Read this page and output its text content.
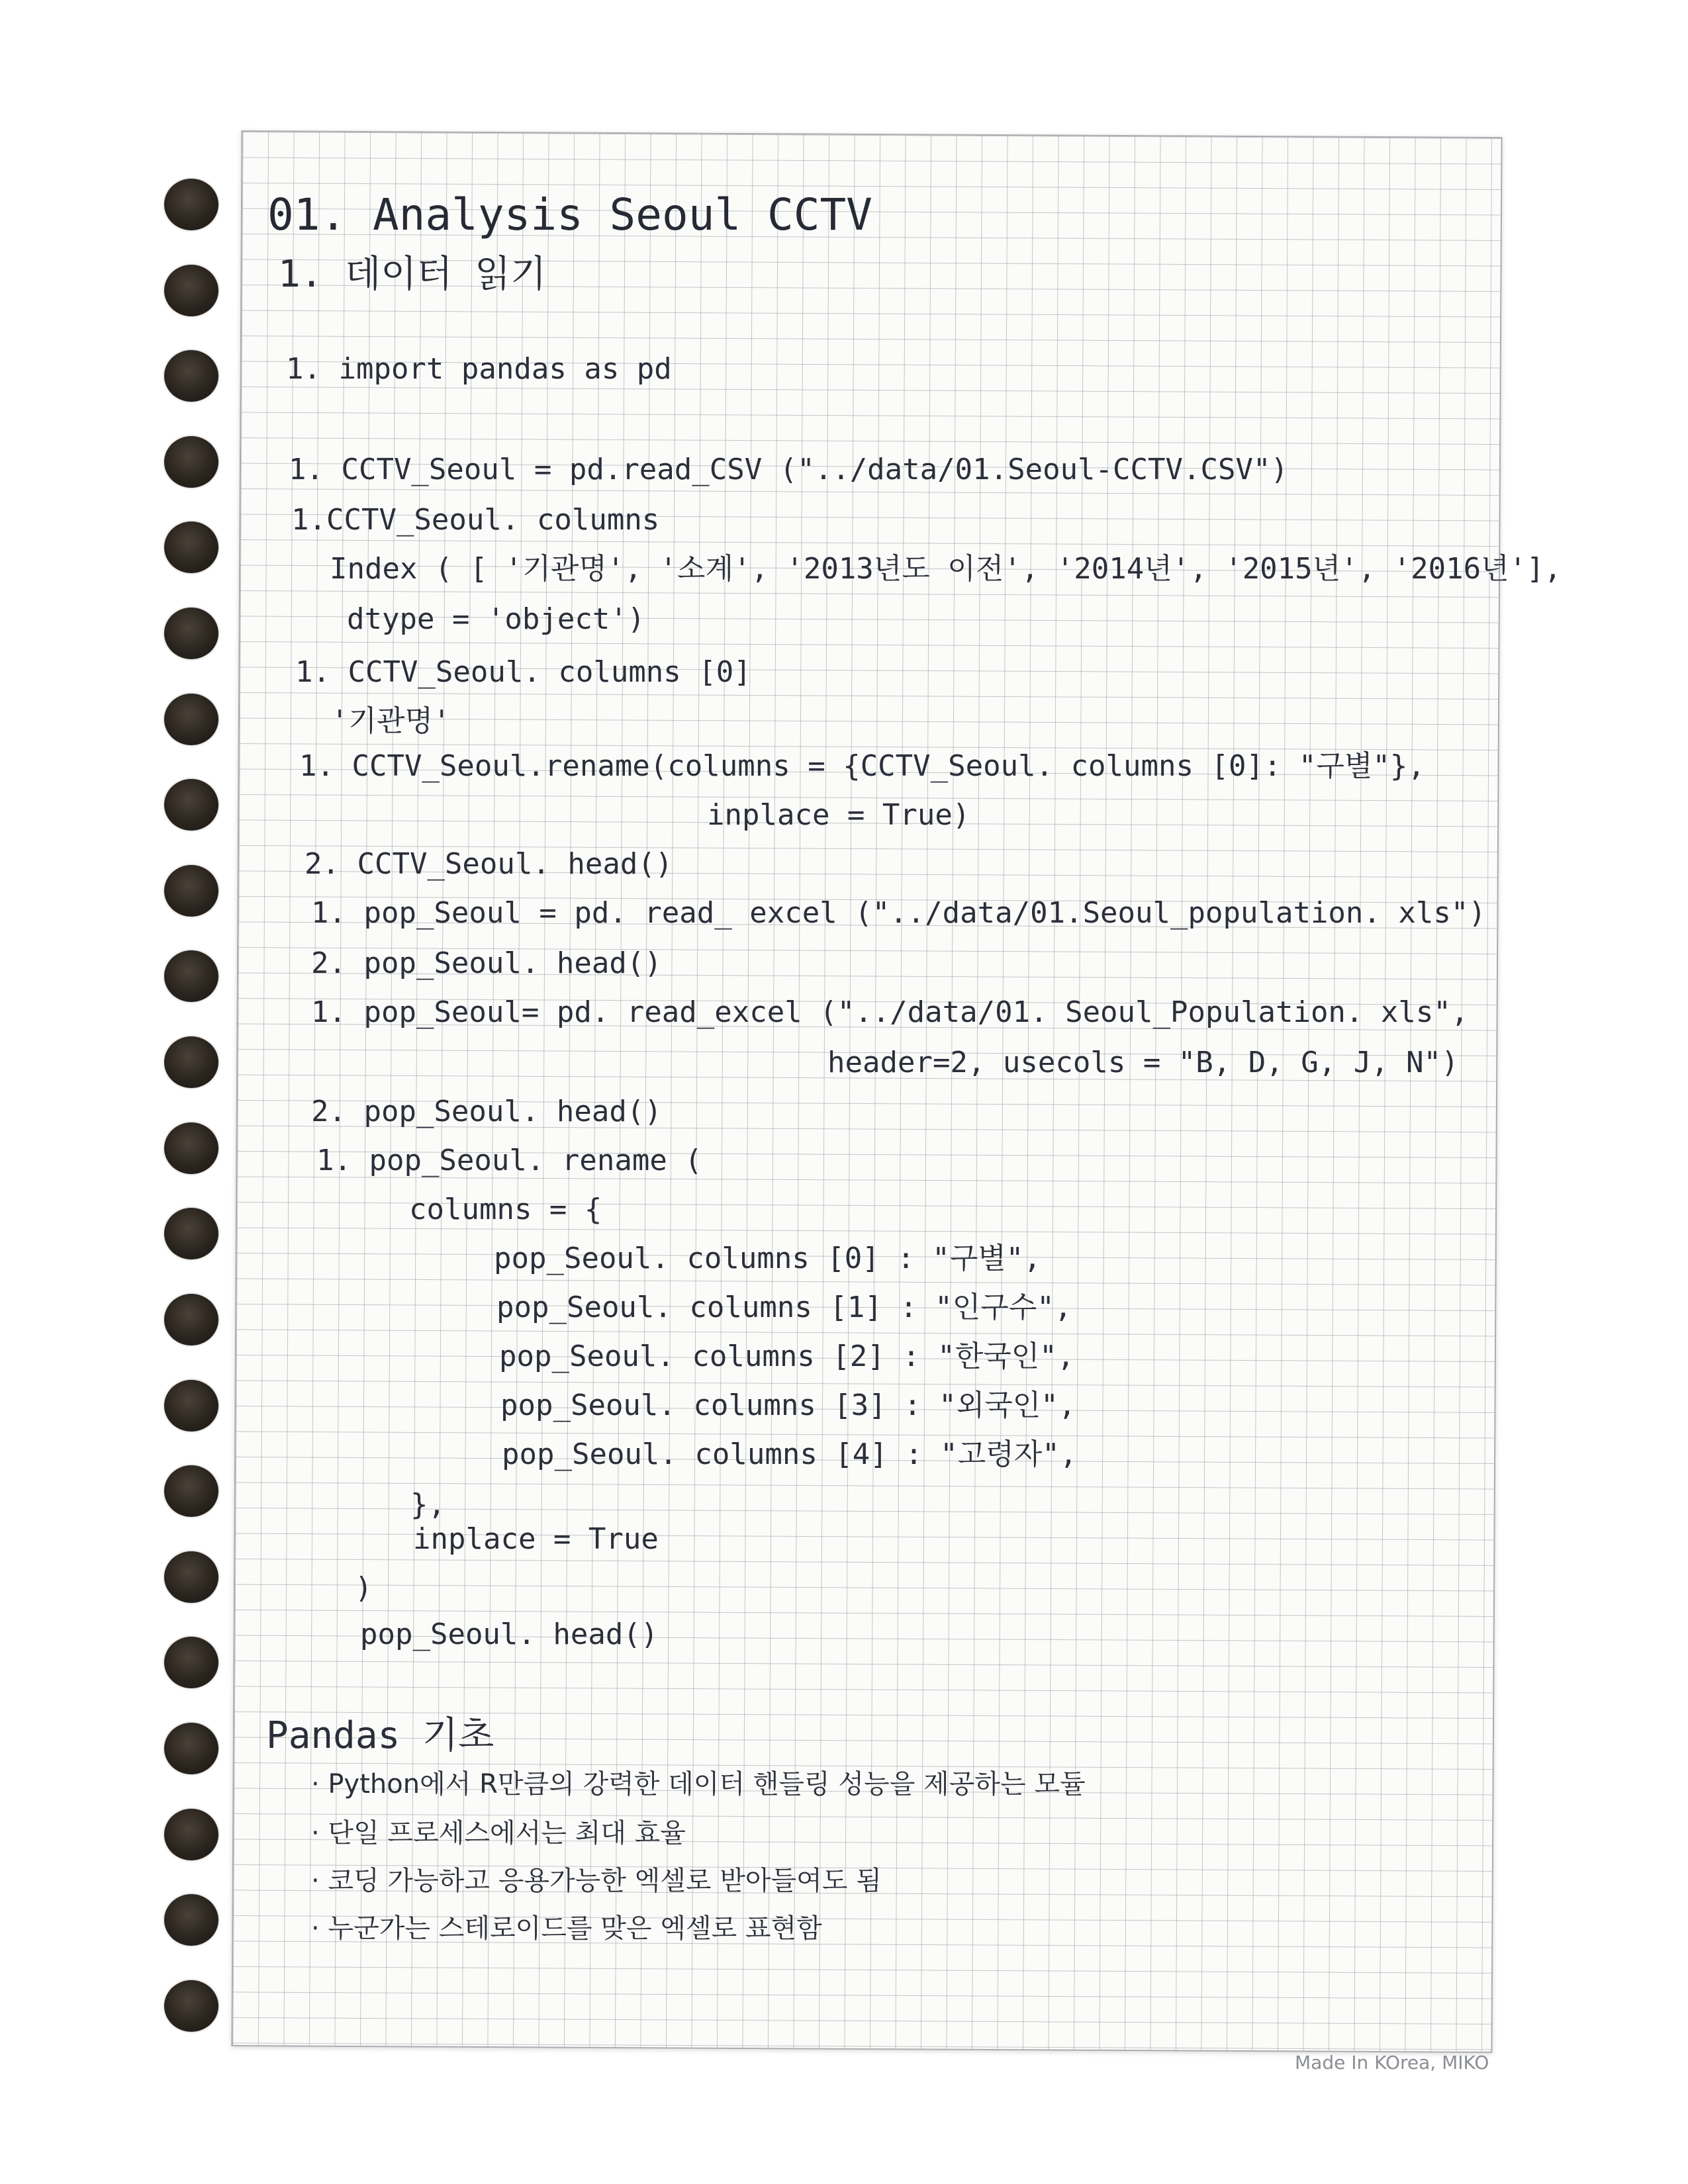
01. Analysis Seoul CCTV

1. 데이터 읽기

1. import pandas as pd

1. CCTV_Seoul = pd.read_CSV ("../data/01.Seoul-CCTV.CSV")

1.CCTV_Seoul. columns

Index ( [ '기관명', '소계', '2013년도 이전', '2014년', '2015년', '2016년'],

dtype = 'object')

1. CCTV_Seoul. columns [0]

'기관명'

1. CCTV_Seoul.rename(columns = {CCTV_Seoul. columns [0]: "구별"},

inplace = True)

2. CCTV_Seoul. head()

1. pop_Seoul = pd. read_ excel ("../data/01.Seoul_population. xls")

2. pop_Seoul. head()

1. pop_Seoul= pd. read_excel ("../data/01. Seoul_Population. xls",

header=2, usecols = "B, D, G, J, N")

2. pop_Seoul. head()

1. pop_Seoul. rename (

columns = {

pop_Seoul. columns [0] : "구별",

pop_Seoul. columns [1] : "인구수",

pop_Seoul. columns [2] : "한국인",

pop_Seoul. columns [3] : "외국인",

pop_Seoul. columns [4] : "고령자",

},

inplace = True

)

pop_Seoul. head()

Pandas 기초

· Python에서 R만큼의 강력한 데이터 핸들링 성능을 제공하는 모듈

· 단일 프로세스에서는 최대 효율

· 코딩 가능하고 응용가능한 엑셀로 받아들여도 됨

· 누군가는 스테로이드를 맞은 엑셀로 표현함

Made In KOrea, MIKO
